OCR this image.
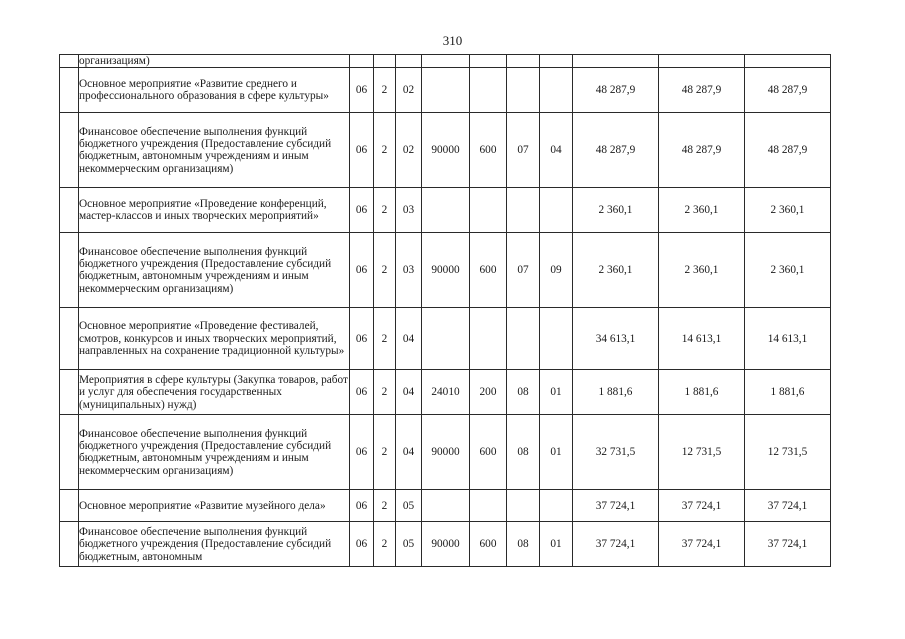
310
	организациям)										
	Основное мероприятие «Развитие среднего и профессионального образования в сфере культуры»	06	2	02					48 287,9	48 287,9	48 287,9
	Финансовое обеспечение выполнения функций бюджетного учреждения (Предоставление субсидий бюджетным, автономным учреждениям и иным некоммерческим организациям)	06	2	02	90000	600	07	04	48 287,9	48 287,9	48 287,9
	Основное мероприятие «Проведение конференций, мастер-классов и иных творческих мероприятий»	06	2	03					2 360,1	2 360,1	2 360,1
	Финансовое обеспечение выполнения функций бюджетного учреждения (Предоставление субсидий бюджетным, автономным учреждениям и иным некоммерческим организациям)	06	2	03	90000	600	07	09	2 360,1	2 360,1	2 360,1
	Основное мероприятие «Проведение фестивалей, смотров, конкурсов и иных творческих мероприятий, направленных на сохранение традиционной культуры»	06	2	04					34 613,1	14 613,1	14 613,1
	Мероприятия в сфере культуры (Закупка товаров, работ и услуг для обеспечения государственных (муниципальных) нужд)	06	2	04	24010	200	08	01	1 881,6	1 881,6	1 881,6
	Финансовое обеспечение выполнения функций бюджетного учреждения (Предоставление субсидий бюджетным, автономным учреждениям и иным некоммерческим организациям)	06	2	04	90000	600	08	01	32 731,5	12 731,5	12 731,5
	Основное мероприятие «Развитие музейного дела»	06	2	05					37 724,1	37 724,1	37 724,1
	Финансовое обеспечение выполнения функций бюджетного учреждения (Предоставление субсидий бюджетным, автономным	06	2	05	90000	600	08	01	37 724,1	37 724,1	37 724,1
